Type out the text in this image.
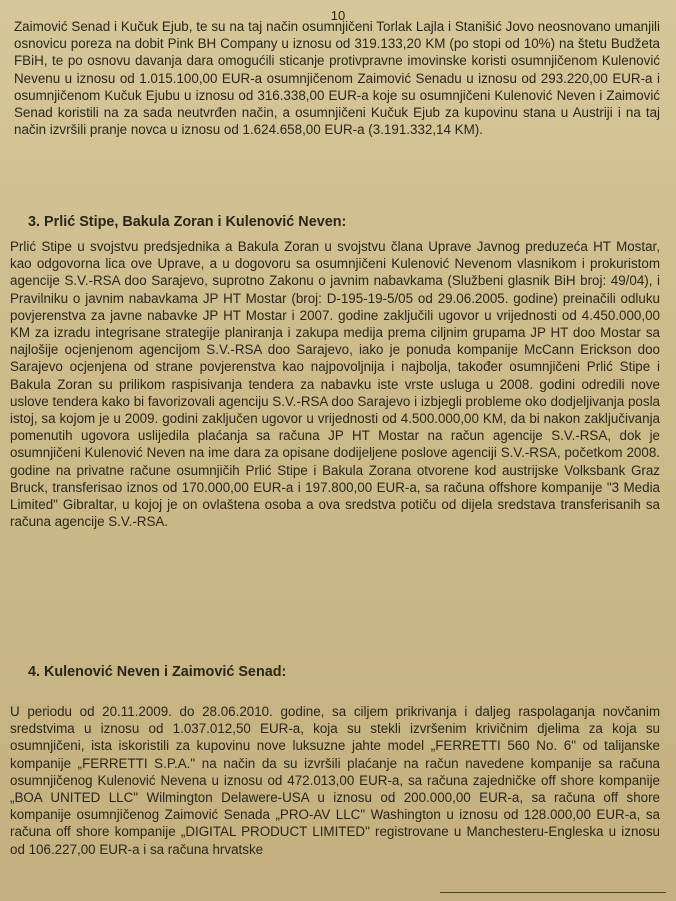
10

Zaimović Senad i Kučuk Ejub, te su na taj način osumnjičeni Torlak Lajla i Stanišić Jovo neosnovano umanjili osnovicu poreza na dobit Pink BH Company u iznosu od 319.133,20 KM (po stopi od 10%) na štetu Budžeta FBiH, te po osnovu davanja dara omogućili sticanje protivpravne imovinske koristi osumnjičenom Kulenović Nevenu u iznosu od 1.015.100,00 EUR-a osumnjičenom Zaimović Senadu u iznosu od 293.220,00 EUR-a i osumnjičenom Kučuk Ejubu u iznosu od 316.338,00 EUR-a koje su osumnjičeni Kulenović Neven i Zaimović Senad koristili na za sada neutvrđen način, a osumnjičeni Kučuk Ejub za kupovinu stana u Austriji i na taj način izvršili pranje novca u iznosu od 1.624.658,00 EUR-a (3.191.332,14 KM).

3. Prlić Stipe, Bakula Zoran i Kulenović Neven:

Prlić Stipe u svojstvu predsjednika a Bakula Zoran u svojstvu člana Uprave Javnog preduzeća HT Mostar, kao odgovorna lica ove Uprave, a u dogovoru sa osumnjičeni Kulenović Nevenom vlasnikom i prokuristom agencije S.V.-RSA doo Sarajevo, suprotno Zakonu o javnim nabavkama (Službeni glasnik BiH broj: 49/04), i Pravilniku o javnim nabavkama JP HT Mostar (broj: D-195-19-5/05 od 29.06.2005. godine) preinačili odluku povjerenstva za javne nabavke JP HT Mostar i 2007. godine zaključili ugovor u vrijednosti od 4.450.000,00 KM za izradu integrisane strategije planiranja i zakupa medija prema ciljnim grupama JP HT doo Mostar sa najlošije ocjenjenom agencijom S.V.-RSA doo Sarajevo, iako je ponuda kompanije McCann Erickson doo Sarajevo ocjenjena od strane povjerenstva kao najpovoljnija i najbolja, također osumnjičeni Prlić Stipe i Bakula Zoran su prilikom raspisivanja tendera za nabavku iste vrste usluga u 2008. godini odredili nove uslove tendera kako bi favorizovali agenciju S.V.-RSA doo Sarajevo i izbjegli probleme oko dodjeljivanja posla istoj, sa kojom je u 2009. godini zaključen ugovor u vrijednosti od 4.500.000,00 KM, da bi nakon zaključivanja pomenutih ugovora uslijedila plaćanja sa računa JP HT Mostar na račun agencije S.V.-RSA, dok je osumnjičeni Kulenović Neven na ime dara za opisane dodijeljene poslove agenciji S.V.-RSA, početkom 2008. godine na privatne račune osumnjičih Prlić Stipe i Bakula Zorana otvorene kod austrijske Volksbank Graz Bruck, transferisao iznos od 170.000,00 EUR-a i 197.800,00 EUR-a, sa računa offshore kompanije "3 Media Limited" Gibraltar, u kojoj je on ovlaštena osoba a ova sredstva potiču od dijela sredstava transferisanih sa računa agencije S.V.-RSA.

4. Kulenović Neven i Zaimović Senad:

U periodu od 20.11.2009. do 28.06.2010. godine, sa ciljem prikrivanja i daljeg raspolaganja novčanim sredstvima u iznosu od 1.037.012,50 EUR-a, koja su stekli izvršenim krivičnim djelima za koja su osumnjičeni, ista iskoristili za kupovinu nove luksuzne jahte model „FERRETTI 560 No. 6" od talijanske kompanije „FERRETTI S.P.A." na način da su izvršili plaćanje na račun navedene kompanije sa računa osumnjičenog Kulenović Nevena u iznosu od 472.013,00 EUR-a, sa računa zajedničke off shore kompanije „BOA UNITED LLC" Wilmington Delawere-USA u iznosu od 200.000,00 EUR-a, sa računa off shore kompanije osumnjičenog Zaimović Senada „PRO-AV LLC" Washington u iznosu od 128.000,00 EUR-a, sa računa off shore kompanije „DIGITAL PRODUCT LIMITED" registrovane u Manchesteru-Engleska u iznosu od 106.227,00 EUR-a i sa računa hrvatske
